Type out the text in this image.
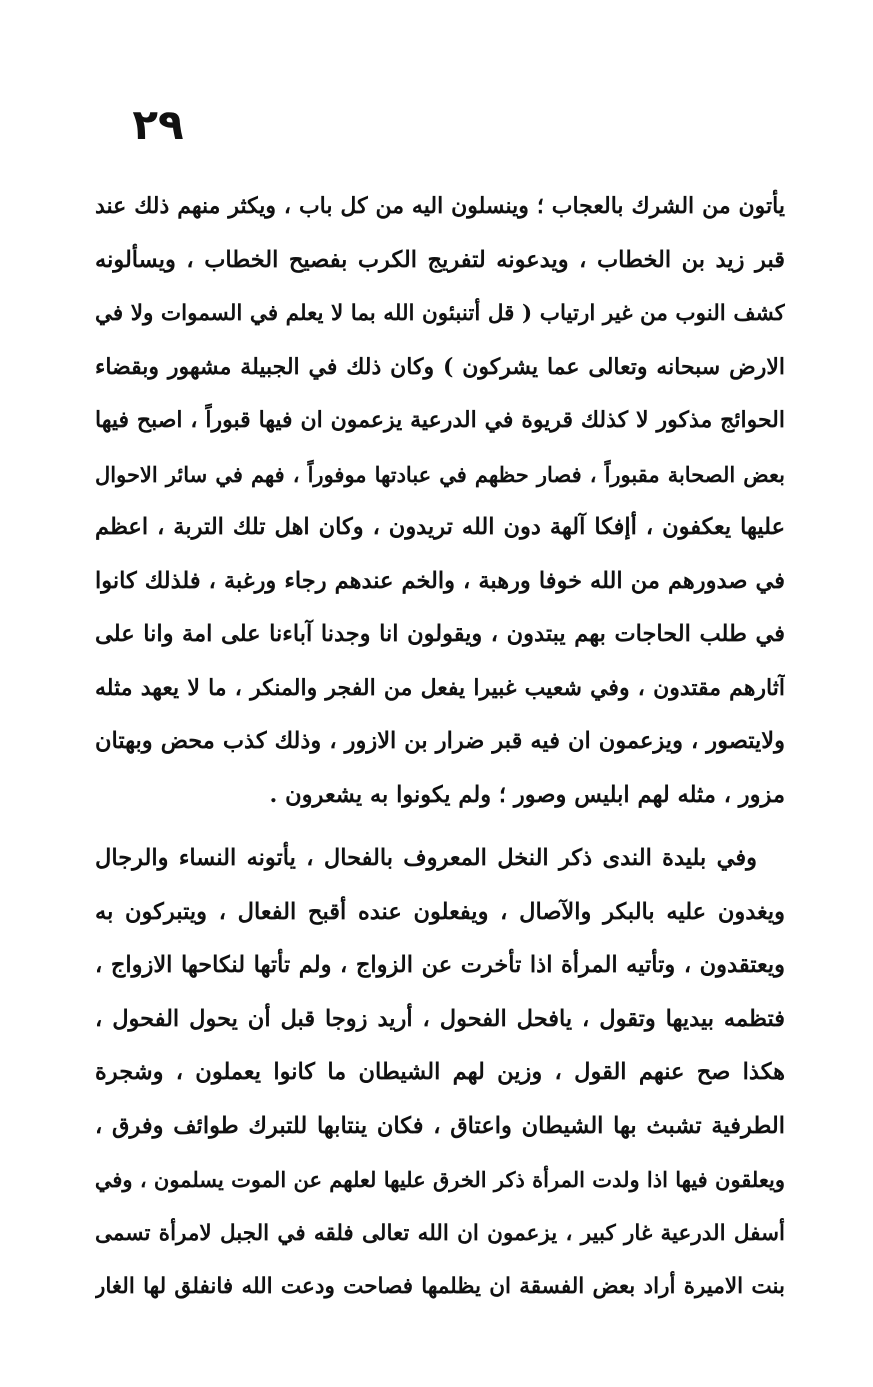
٢٩
يأتون من الشرك بالعجاب ؛ وينسلون اليه من كل باب ، ويكثر منهم ذلك عند
قبر زيد بن الخطاب ، ويدعونه لتفريج الكرب بفصيح الخطاب ، ويسألونه
كشف النوب من غير ارتياب ( قل أتنبئون الله بما لا يعلم في السموات ولا في
الارض سبحانه وتعالى عما يشركون ) وكان ذلك في الجبيلة مشهور وبقضاء
الحوائج مذكور لا كذلك قريوة في الدرعية يزعمون ان فيها قبوراً ، اصبح فيها
بعض الصحابة مقبوراً ، فصار حظهم في عبادتها موفوراً ، فهم في سائر الاحوال
عليها يعكفون ، أإفكا آلهة دون الله تريدون ، وكان اهل تلك التربة ، اعظم
في صدورهم من الله خوفا ورهبة ، والخم عندهم رجاء ورغبة ، فلذلك كانوا
في طلب الحاجات بهم يبتدون ، ويقولون انا وجدنا آباءنا على امة وانا على
آثارهم مقتدون ، وفي شعيب غبيرا يفعل من الفجر والمنكر ، ما لا يعهد مثله
ولايتصور ، ويزعمون ان فيه قبر ضرار بن الازور ، وذلك كذب محض وبهتان
مزور ، مثله لهم ابليس وصور ؛ ولم يكونوا به يشعرون .
وفي بليدة الندى ذكر النخل المعروف بالفحال ، يأتونه النساء والرجال
ويغدون عليه بالبكر والآصال ، ويفعلون عنده أقبح الفعال ، ويتبركون به
ويعتقدون ، وتأتيه المرأة اذا تأخرت عن الزواج ، ولم تأتها لنكاحها الازواج ،
فتظمه بيديها وتقول ، يافحل الفحول ، أريد زوجا قبل أن يحول الفحول ،
هكذا صح عنهم القول ، وزين لهم الشيطان ما كانوا يعملون ، وشجرة
الطرفية تشبث بها الشيطان واعتاق ، فكان ينتابها للتبرك طوائف وفرق ،
ويعلقون فيها اذا ولدت المرأة ذكر الخرق عليها لعلهم عن الموت يسلمون ، وفي
أسفل الدرعية غار كبير ، يزعمون ان الله تعالى فلقه في الجبل لامرأة تسمى
بنت الاميرة أراد بعض الفسقة ان يظلمها فصاحت ودعت الله فانفلق لها الغار
